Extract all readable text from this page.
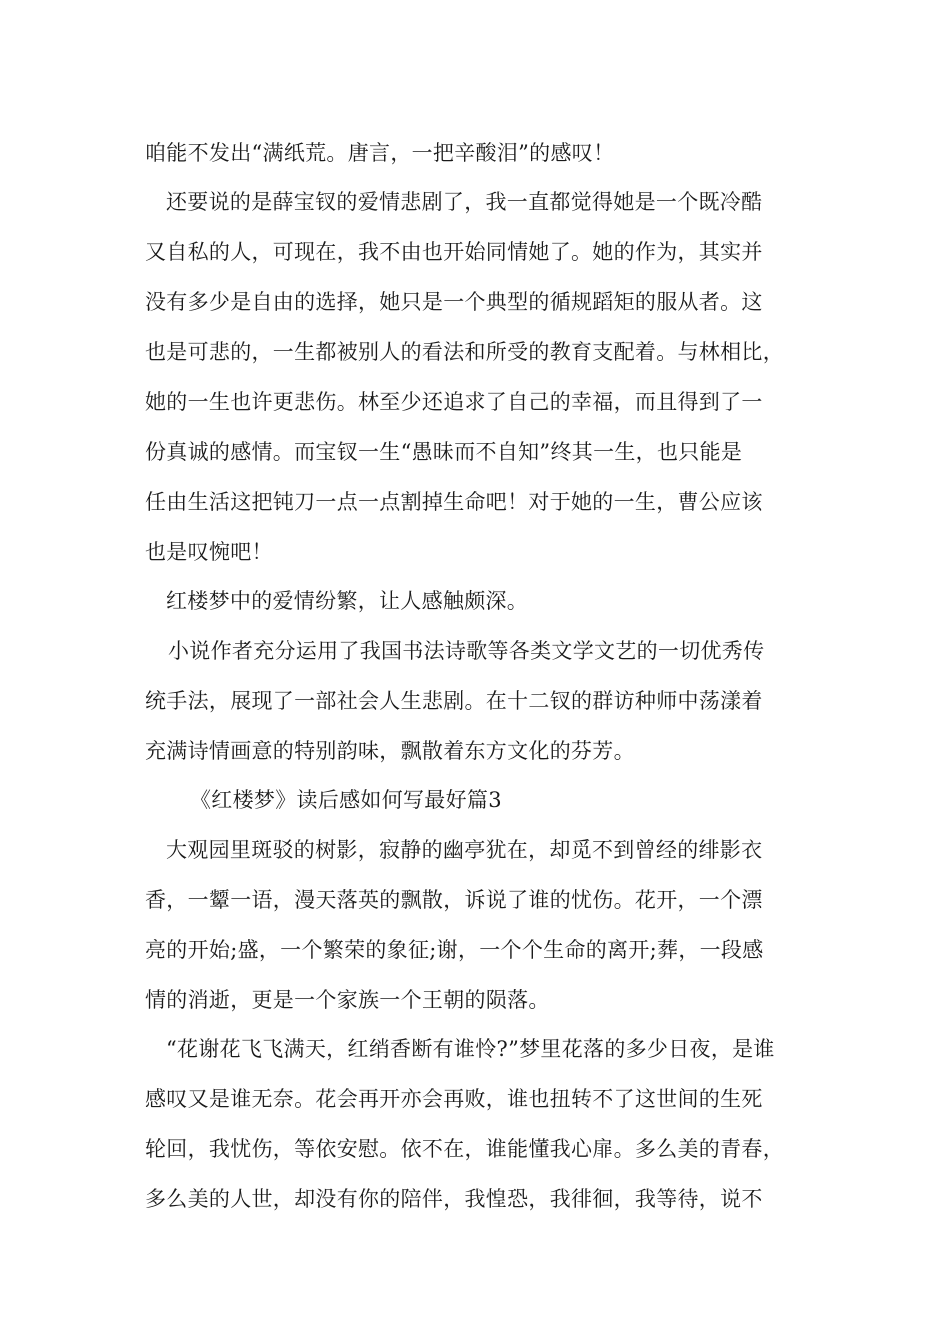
咱能不发出“满纸荒。唐言，一把辛酸泪”的感叹！
还要说的是薛宝钗的爱情悲剧了，我一直都觉得她是一个既冷酷
又自私的人，可现在，我不由也开始同情她了。她的作为，其实并
没有多少是自由的选择，她只是一个典型的循规蹈矩的服从者。这
也是可悲的，一生都被别人的看法和所受的教育支配着。与林相比，
她的一生也许更悲伤。林至少还追求了自己的幸福，而且得到了一
份真诚的感情。而宝钗一生“愚昧而不自知”终其一生，也只能是
任由生活这把钝刀一点一点割掉生命吧！对于她的一生，曹公应该
也是叹惋吧！
红楼梦中的爱情纷繁，让人感触颇深。
小说作者充分运用了我国书法诗歌等各类文学文艺的一切优秀传
统手法，展现了一部社会人生悲剧。在十二钗的群访种师中荡漾着
充满诗情画意的特别韵味，飘散着东方文化的芬芳。
《红楼梦》读后感如何写最好篇3
大观园里斑驳的树影，寂静的幽亭犹在，却觅不到曾经的绯影衣
香，一颦一语，漫天落英的飘散，诉说了谁的忧伤。花开，一个漂
亮的开始;盛，一个繁荣的象征;谢，一个个生命的离开;葬，一段感
情的消逝，更是一个家族一个王朝的陨落。
“花谢花飞飞满天，红绡香断有谁怜?”梦里花落的多少日夜，是谁
感叹又是谁无奈。花会再开亦会再败，谁也扭转不了这世间的生死
轮回，我忧伤，等依安慰。依不在，谁能懂我心扉。多么美的青春，
多么美的人世，却没有你的陪伴，我惶恐，我徘徊，我等待，说不
